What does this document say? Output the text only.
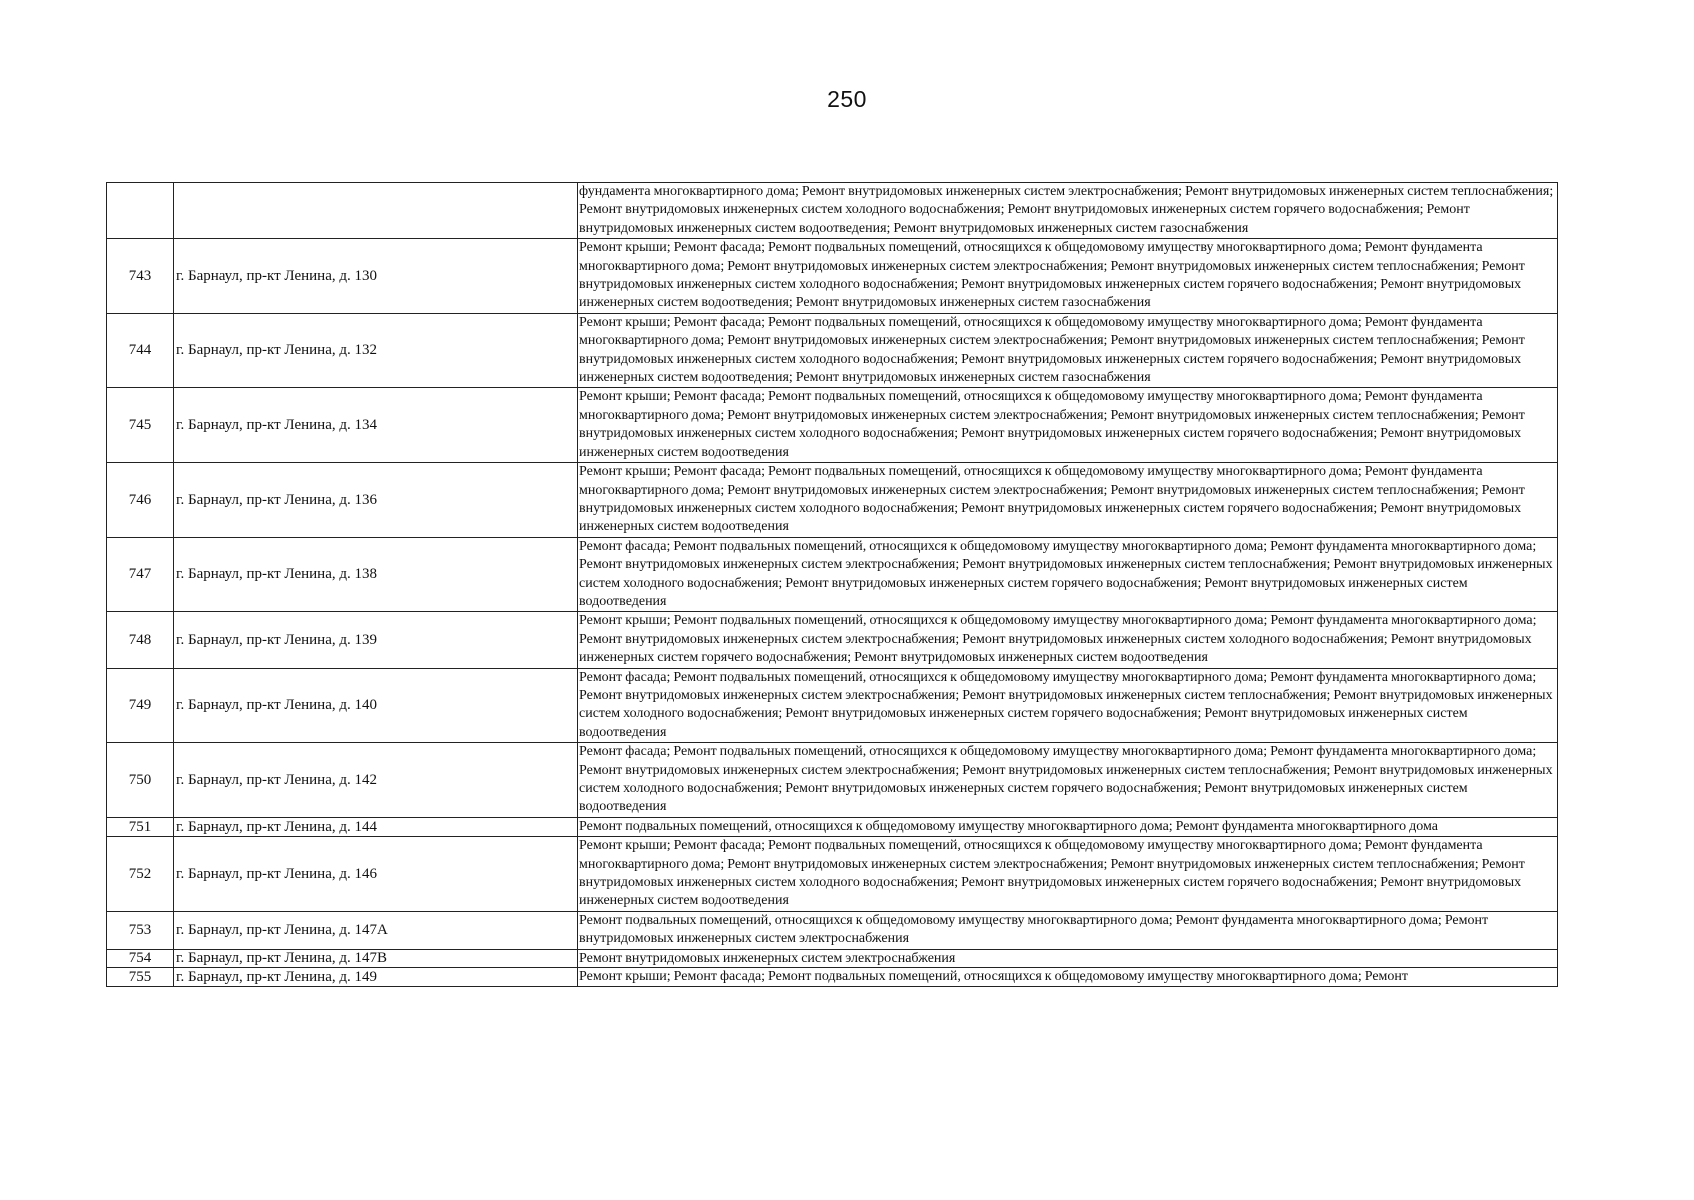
250
		фундамента многоквартирного дома; Ремонт внутридомовых инженерных систем электроснабжения; Ремонт внутридомовых инженерных систем теплоснабжения; Ремонт внутридомовых инженерных систем холодного водоснабжения; Ремонт внутридомовых инженерных систем горячего водоснабжения; Ремонт внутридомовых инженерных систем водоотведения; Ремонт внутридомовых инженерных систем газоснабжения
743	г. Барнаул, пр-кт Ленина, д. 130	Ремонт крыши; Ремонт фасада; Ремонт подвальных помещений, относящихся к общедомовому имуществу многоквартирного дома; Ремонт фундамента многоквартирного дома; Ремонт внутридомовых инженерных систем электроснабжения; Ремонт внутридомовых инженерных систем теплоснабжения; Ремонт внутридомовых инженерных систем холодного водоснабжения; Ремонт внутридомовых инженерных систем горячего водоснабжения; Ремонт внутридомовых инженерных систем водоотведения; Ремонт внутридомовых инженерных систем газоснабжения
744	г. Барнаул, пр-кт Ленина, д. 132	Ремонт крыши; Ремонт фасада; Ремонт подвальных помещений, относящихся к общедомовому имуществу многоквартирного дома; Ремонт фундамента многоквартирного дома; Ремонт внутридомовых инженерных систем электроснабжения; Ремонт внутридомовых инженерных систем теплоснабжения; Ремонт внутридомовых инженерных систем холодного водоснабжения; Ремонт внутридомовых инженерных систем горячего водоснабжения; Ремонт внутридомовых инженерных систем водоотведения; Ремонт внутридомовых инженерных систем газоснабжения
745	г. Барнаул, пр-кт Ленина, д. 134	Ремонт крыши; Ремонт фасада; Ремонт подвальных помещений, относящихся к общедомовому имуществу многоквартирного дома; Ремонт фундамента многоквартирного дома; Ремонт внутридомовых инженерных систем электроснабжения; Ремонт внутридомовых инженерных систем теплоснабжения; Ремонт внутридомовых инженерных систем холодного водоснабжения; Ремонт внутридомовых инженерных систем горячего водоснабжения; Ремонт внутридомовых инженерных систем водоотведения
746	г. Барнаул, пр-кт Ленина, д. 136	Ремонт крыши; Ремонт фасада; Ремонт подвальных помещений, относящихся к общедомовому имуществу многоквартирного дома; Ремонт фундамента многоквартирного дома; Ремонт внутридомовых инженерных систем электроснабжения; Ремонт внутридомовых инженерных систем теплоснабжения; Ремонт внутридомовых инженерных систем холодного водоснабжения; Ремонт внутридомовых инженерных систем горячего водоснабжения; Ремонт внутридомовых инженерных систем водоотведения
747	г. Барнаул, пр-кт Ленина, д. 138	Ремонт фасада; Ремонт подвальных помещений, относящихся к общедомовому имуществу многоквартирного дома; Ремонт фундамента многоквартирного дома; Ремонт внутридомовых инженерных систем электроснабжения; Ремонт внутридомовых инженерных систем теплоснабжения; Ремонт внутридомовых инженерных систем холодного водоснабжения; Ремонт внутридомовых инженерных систем горячего водоснабжения; Ремонт внутридомовых инженерных систем водоотведения
748	г. Барнаул, пр-кт Ленина, д. 139	Ремонт крыши; Ремонт подвальных помещений, относящихся к общедомовому имуществу многоквартирного дома; Ремонт фундамента многоквартирного дома; Ремонт внутридомовых инженерных систем электроснабжения; Ремонт внутридомовых инженерных систем холодного водоснабжения; Ремонт внутридомовых инженерных систем горячего водоснабжения; Ремонт внутридомовых инженерных систем водоотведения
749	г. Барнаул, пр-кт Ленина, д. 140	Ремонт фасада; Ремонт подвальных помещений, относящихся к общедомовому имуществу многоквартирного дома; Ремонт фундамента многоквартирного дома; Ремонт внутридомовых инженерных систем электроснабжения; Ремонт внутридомовых инженерных систем теплоснабжения; Ремонт внутридомовых инженерных систем холодного водоснабжения; Ремонт внутридомовых инженерных систем горячего водоснабжения; Ремонт внутридомовых инженерных систем водоотведения
750	г. Барнаул, пр-кт Ленина, д. 142	Ремонт фасада; Ремонт подвальных помещений, относящихся к общедомовому имуществу многоквартирного дома; Ремонт фундамента многоквартирного дома; Ремонт внутридомовых инженерных систем электроснабжения; Ремонт внутридомовых инженерных систем теплоснабжения; Ремонт внутридомовых инженерных систем холодного водоснабжения; Ремонт внутридомовых инженерных систем горячего водоснабжения; Ремонт внутридомовых инженерных систем водоотведения
751	г. Барнаул, пр-кт Ленина, д. 144	Ремонт подвальных помещений, относящихся к общедомовому имуществу многоквартирного дома; Ремонт фундамента многоквартирного дома
752	г. Барнаул, пр-кт Ленина, д. 146	Ремонт крыши; Ремонт фасада; Ремонт подвальных помещений, относящихся к общедомовому имуществу многоквартирного дома; Ремонт фундамента многоквартирного дома; Ремонт внутридомовых инженерных систем электроснабжения; Ремонт внутридомовых инженерных систем теплоснабжения; Ремонт внутридомовых инженерных систем холодного водоснабжения; Ремонт внутридомовых инженерных систем горячего водоснабжения; Ремонт внутридомовых инженерных систем водоотведения
753	г. Барнаул, пр-кт Ленина, д. 147А	Ремонт подвальных помещений, относящихся к общедомовому имуществу многоквартирного дома; Ремонт фундамента многоквартирного дома; Ремонт внутридомовых инженерных систем электроснабжения
754	г. Барнаул, пр-кт Ленина, д. 147В	Ремонт внутридомовых инженерных систем электроснабжения
755	г. Барнаул, пр-кт Ленина, д. 149	Ремонт крыши; Ремонт фасада; Ремонт подвальных помещений, относящихся к общедомовому имуществу многоквартирного дома; Ремонт
